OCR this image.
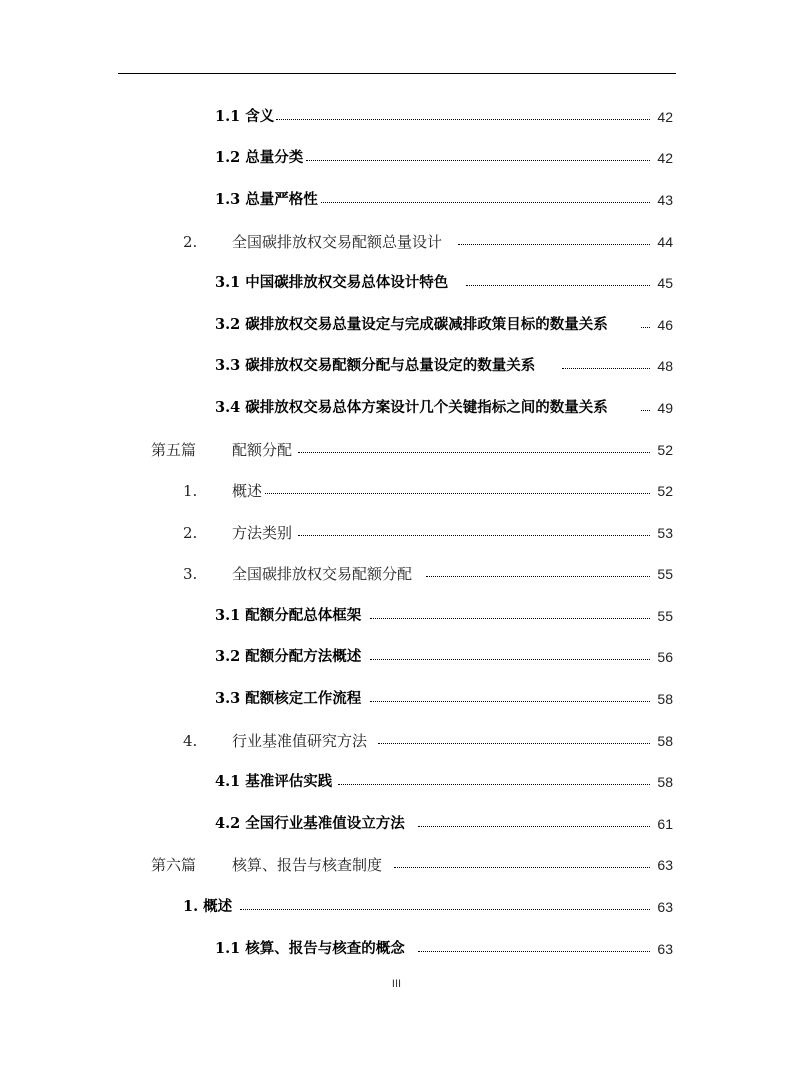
1.1 含义	42
1.2 总量分类	42
1.3 总量严格性	43
2. 全国碳排放权交易配额总量设计	44
3.1 中国碳排放权交易总体设计特色	45
3.2 碳排放权交易总量设定与完成碳减排政策目标的数量关系	46
3.3 碳排放权交易配额分配与总量设定的数量关系	48
3.4 碳排放权交易总体方案设计几个关键指标之间的数量关系	49
第五篇 配额分配	52
1. 概述	52
2. 方法类别	53
3. 全国碳排放权交易配额分配	55
3.1 配额分配总体框架	55
3.2 配额分配方法概述	56
3.3 配额核定工作流程	58
4. 行业基准值研究方法	58
4.1 基准评估实践	58
4.2 全国行业基准值设立方法	61
第六篇 核算、报告与核查制度	63
1. 概述	63
1.1 核算、报告与核查的概念	63
III
